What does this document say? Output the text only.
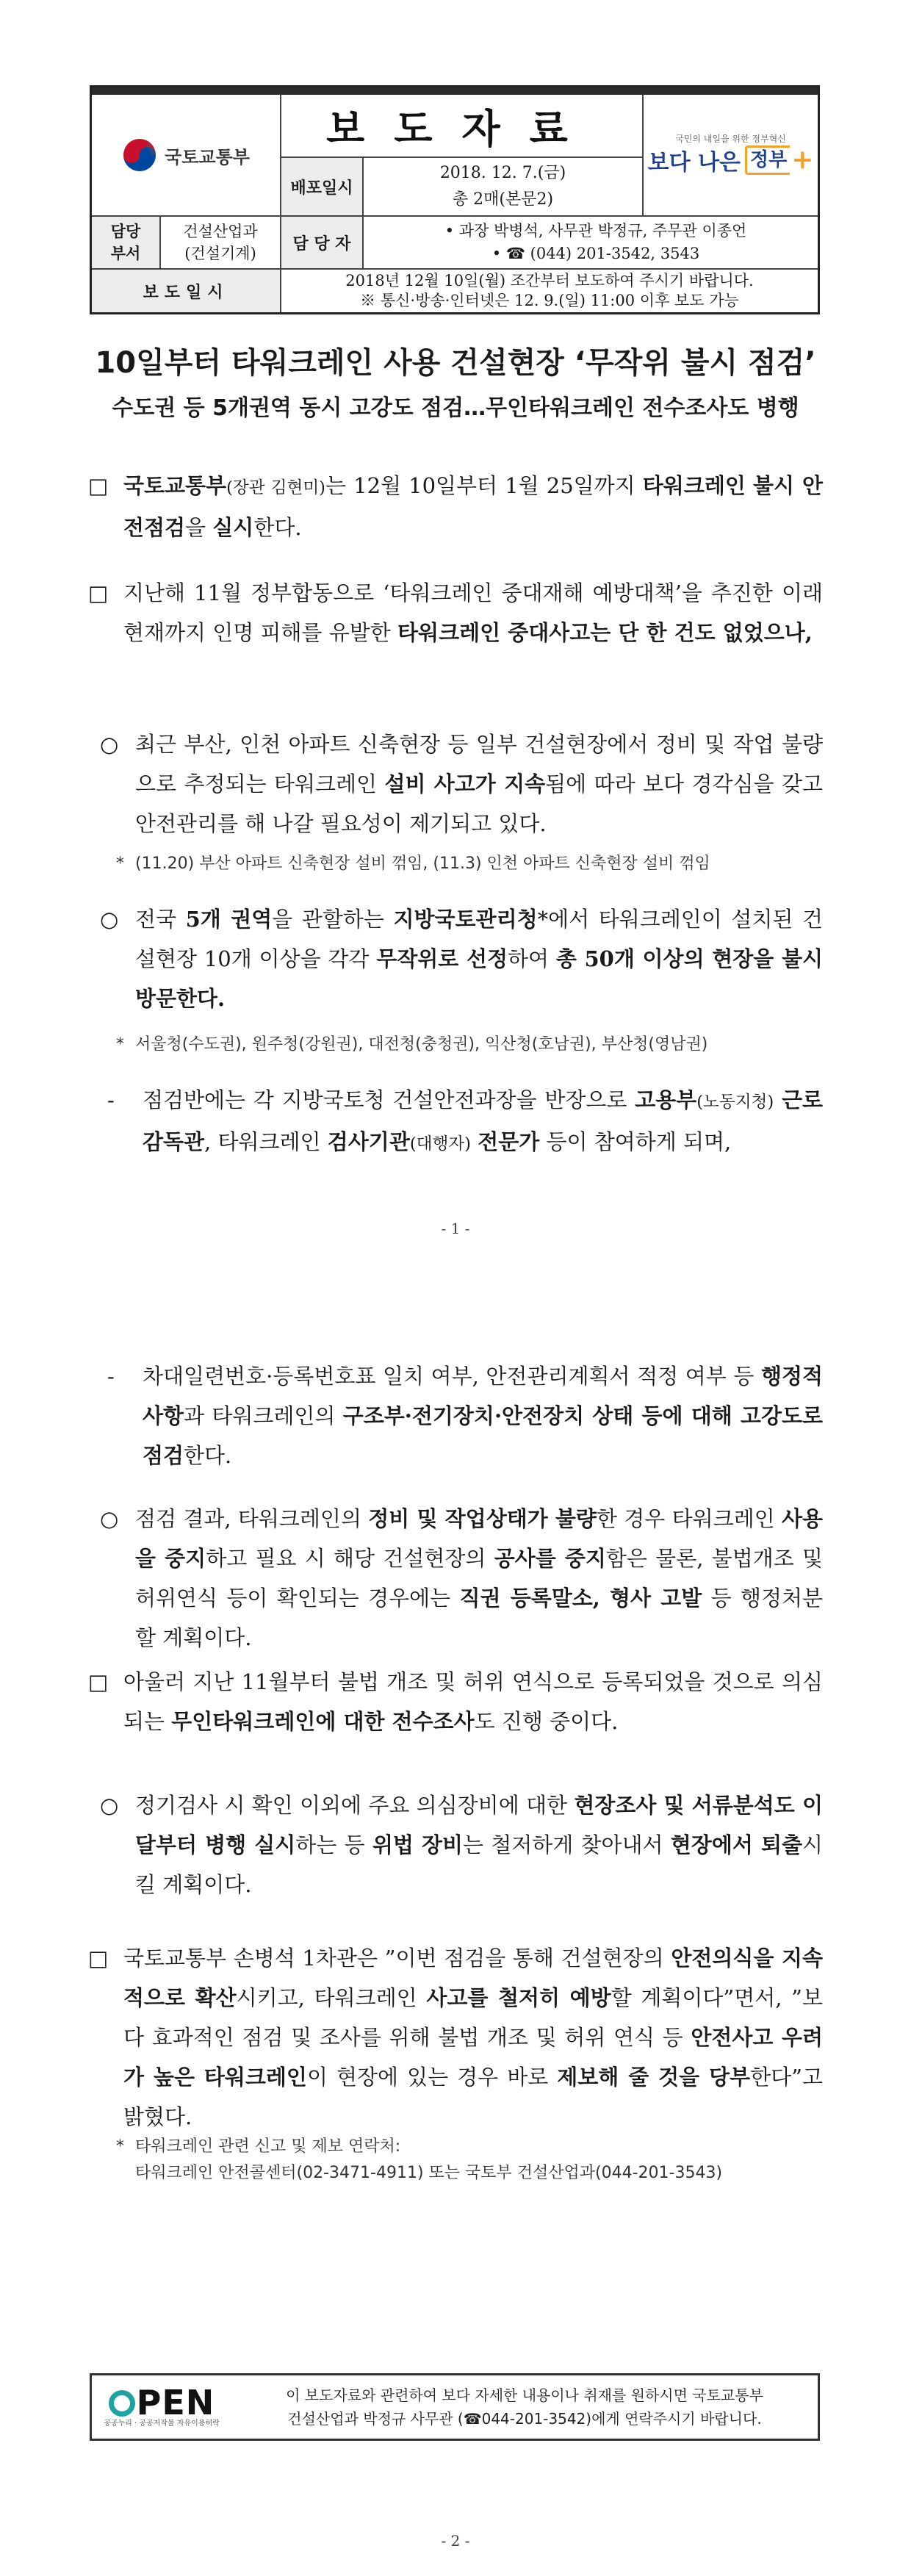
국토교통부
보도자료
배포일시
2018. 12. 7.(금)
총 2매(본문2)
국민의 내일을 위한 정부혁신
보다 나은 정부 +
담당
부서
건설산업과
(건설기계)
담 당 자
• 과장 박병석, 사무관 박정규, 주무관 이종언
• ☎ (044) 201-3542, 3543
보도일시
2018년 12월 10일(월) 조간부터 보도하여 주시기 바랍니다.
※ 통신·방송·인터넷은 12. 9.(일) 11:00 이후 보도 가능
10일부터 타워크레인 사용 건설현장 ‘무작위 불시 점검’
수도권 등 5개권역 동시 고강도 점검…무인타워크레인 전수조사도 병행
□ 국토교통부(장관 김현미)는 12월 10일부터 1월 25일까지 타워크레인 불시 안전점검을 실시한다.
□ 지난해 11월 정부합동으로 ‘타워크레인 중대재해 예방대책’을 추진한 이래 현재까지 인명 피해를 유발한 타워크레인 중대사고는 단 한 건도 없었으나,
○ 최근 부산, 인천 아파트 신축현장 등 일부 건설현장에서 정비 및 작업 불량으로 추정되는 타워크레인 설비 사고가 지속됨에 따라 보다 경각심을 갖고 안전관리를 해 나갈 필요성이 제기되고 있다.
* (11.20) 부산 아파트 신축현장 설비 꺾임, (11.3) 인천 아파트 신축현장 설비 꺾임
○ 전국 5개 권역을 관할하는 지방국토관리청*에서 타워크레인이 설치된 건설현장 10개 이상을 각각 무작위로 선정하여 총 50개 이상의 현장을 불시 방문한다.
* 서울청(수도권), 원주청(강원권), 대전청(충청권), 익산청(호남권), 부산청(영남권)
- 점검반에는 각 지방국토청 건설안전과장을 반장으로 고용부(노동지청) 근로감독관, 타워크레인 검사기관(대행자) 전문가 등이 참여하게 되며,
- 1 -
- 차대일련번호·등록번호표 일치 여부, 안전관리계획서 적정 여부 등 행정적 사항과 타워크레인의 구조부·전기장치·안전장치 상태 등에 대해 고강도로 점검한다.
○ 점검 결과, 타워크레인의 정비 및 작업상태가 불량한 경우 타워크레인 사용을 중지하고 필요 시 해당 건설현장의 공사를 중지함은 물론, 불법개조 및 허위연식 등이 확인되는 경우에는 직권 등록말소, 형사 고발 등 행정처분할 계획이다.
□ 아울러 지난 11월부터 불법 개조 및 허위 연식으로 등록되었을 것으로 의심되는 무인타워크레인에 대한 전수조사도 진행 중이다.
○ 정기검사 시 확인 이외에 주요 의심장비에 대한 현장조사 및 서류분석도 이달부터 병행 실시하는 등 위법 장비는 철저하게 찾아내서 현장에서 퇴출시킬 계획이다.
□ 국토교통부 손병석 1차관은 ”이번 점검을 통해 건설현장의 안전의식을 지속적으로 확산시키고, 타워크레인 사고를 철저히 예방할 계획이다”면서, ”보다 효과적인 점검 및 조사를 위해 불법 개조 및 허위 연식 등 안전사고 우려가 높은 타워크레인이 현장에 있는 경우 바로 제보해 줄 것을 당부한다”고 밝혔다.
* 타워크레인 관련 신고 및 제보 연락처:
타워크레인 안전콜센터(02-3471-4911) 또는 국토부 건설산업과(044-201-3543)
PEN
공공누리 · 공공저작물 자유이용허락
이 보도자료와 관련하여 보다 자세한 내용이나 취재를 원하시면 국토교통부
건설산업과 박정규 사무관 (☎044-201-3542)에게 연락주시기 바랍니다.
- 2 -
